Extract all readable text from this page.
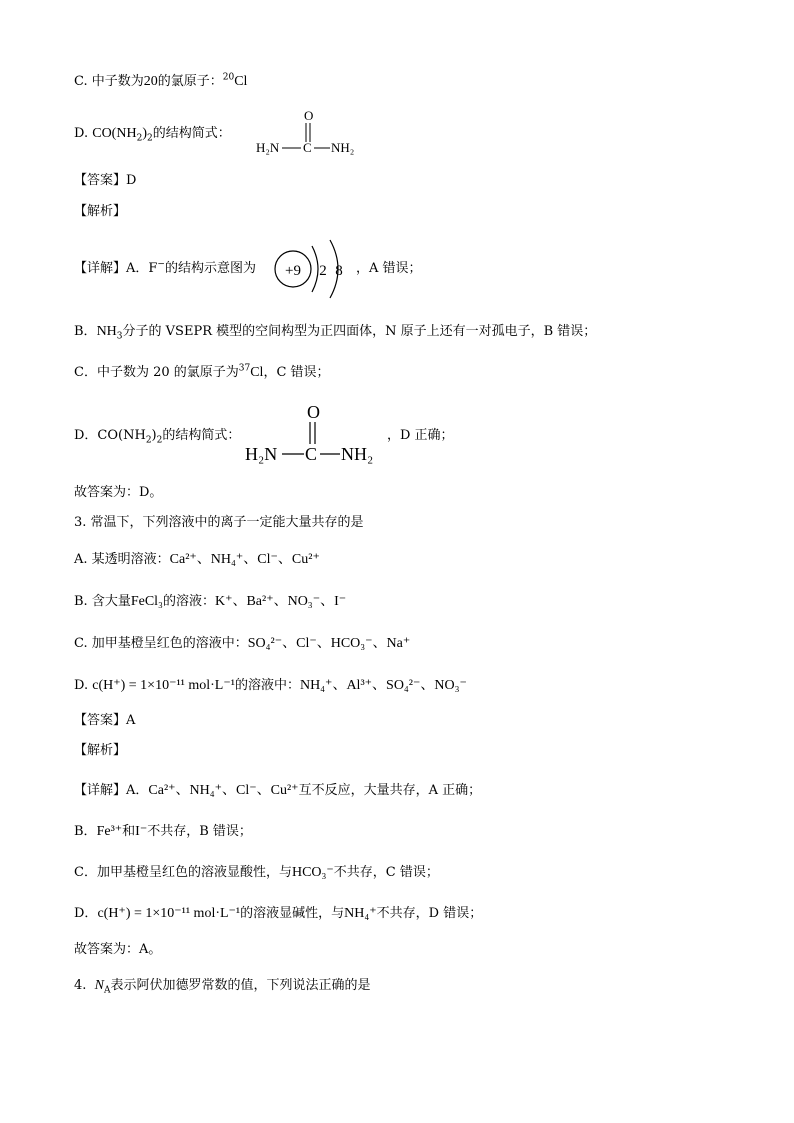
C. 中子数为20的氯原子：$^{20}$Cl
D. $CO(NH_2)_2$的结构简式：
O
H₂N C NH₂
【答案】D
【解析】
【详解】A．F−的结构示意图为 +9 2 8 ，A 错误；
B．$NH_3$分子的 VSEPR 模型的空间构型为正四面体，N 原子上还有一对孤电子，B 错误；
C．中子数为 20 的氯原子为$^{37}$Cl，C 错误；
D．$CO(NH_2)_2$的结构简式：
O
H₂N C NH₂
，D 正确；
故答案为：D。
3. 常温下，下列溶液中的离子一定能大量共存的是
A. 某透明溶液：Ca²⁺、NH₄⁺、Cl⁻、Cu²⁺
B. 含大量FeCl₃的溶液：K⁺、Ba²⁺、NO₃⁻、I⁻
C. 加甲基橙呈红色的溶液中：SO₄²⁻、Cl⁻、HCO₃⁻、Na⁺
D. c(H⁺) = 1×10⁻¹¹ mol·L⁻¹的溶液中：NH₄⁺、Al³⁺、SO₄²⁻、NO₃⁻
【答案】A
【解析】
【详解】A．Ca²⁺、NH₄⁺、Cl⁻、Cu²⁺互不反应，大量共存，A 正确；
B．Fe³⁺和I⁻不共存，B 错误；
C．加甲基橙呈红色的溶液显酸性，与HCO₃⁻不共存，C 错误；
D．c(H⁺) = 1×10⁻¹¹ mol·L⁻¹的溶液显碱性，与NH₄⁺不共存，D 错误；
故答案为：A。
4. $N_A$表示阿伏加德罗常数的值，下列说法正确的是
